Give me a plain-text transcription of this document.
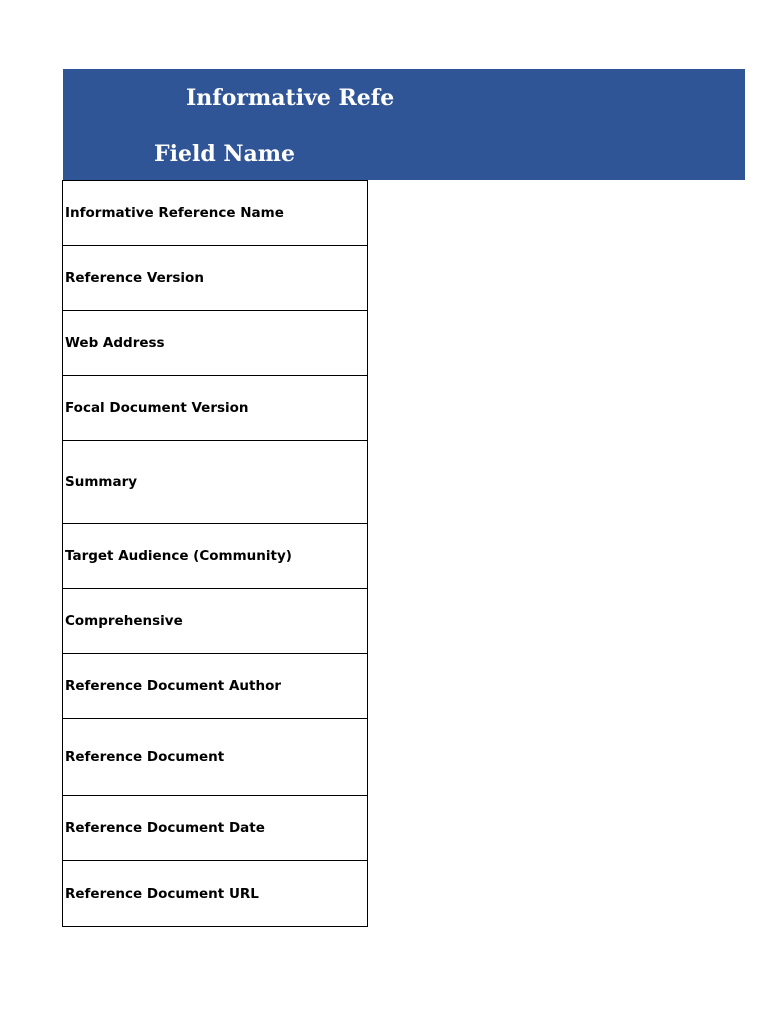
Informative Refe
Field Name
Informative Reference Name
Reference Version
Web Address
Focal Document Version
Summary
Target Audience (Community)
Comprehensive
Reference Document Author
Reference Document
Reference Document Date
Reference Document URL
